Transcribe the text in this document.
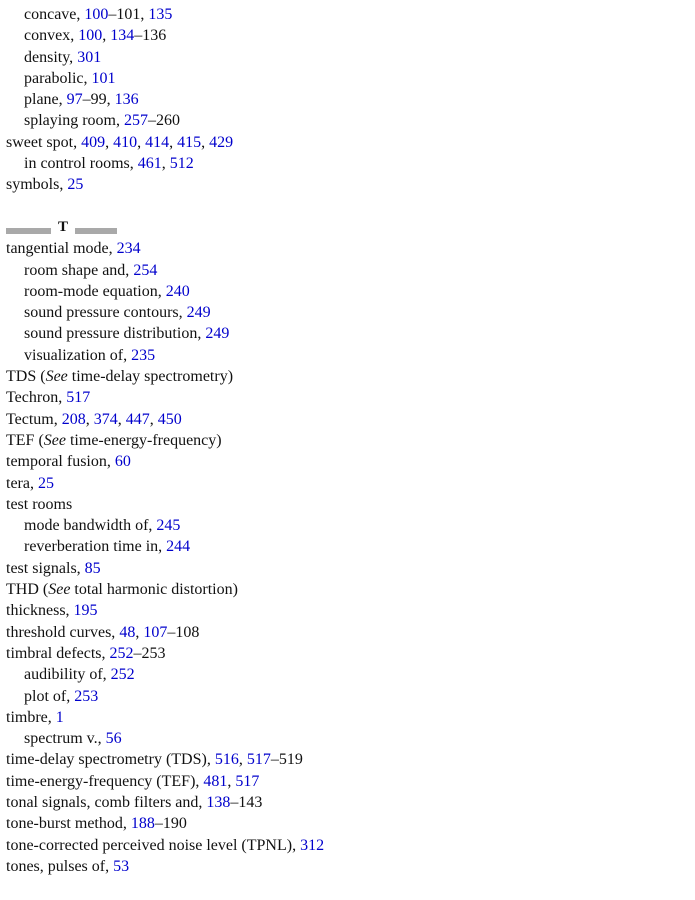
concave, 100–101, 135
convex, 100, 134–136
density, 301
parabolic, 101
plane, 97–99, 136
splaying room, 257–260
sweet spot, 409, 410, 414, 415, 429
in control rooms, 461, 512
symbols, 25
T
tangential mode, 234
room shape and, 254
room-mode equation, 240
sound pressure contours, 249
sound pressure distribution, 249
visualization of, 235
TDS (See time-delay spectrometry)
Techron, 517
Tectum, 208, 374, 447, 450
TEF (See time-energy-frequency)
temporal fusion, 60
tera, 25
test rooms
mode bandwidth of, 245
reverberation time in, 244
test signals, 85
THD (See total harmonic distortion)
thickness, 195
threshold curves, 48, 107–108
timbral defects, 252–253
audibility of, 252
plot of, 253
timbre, 1
spectrum v., 56
time-delay spectrometry (TDS), 516, 517–519
time-energy-frequency (TEF), 481, 517
tonal signals, comb filters and, 138–143
tone-burst method, 188–190
tone-corrected perceived noise level (TPNL), 312
tones, pulses of, 53
